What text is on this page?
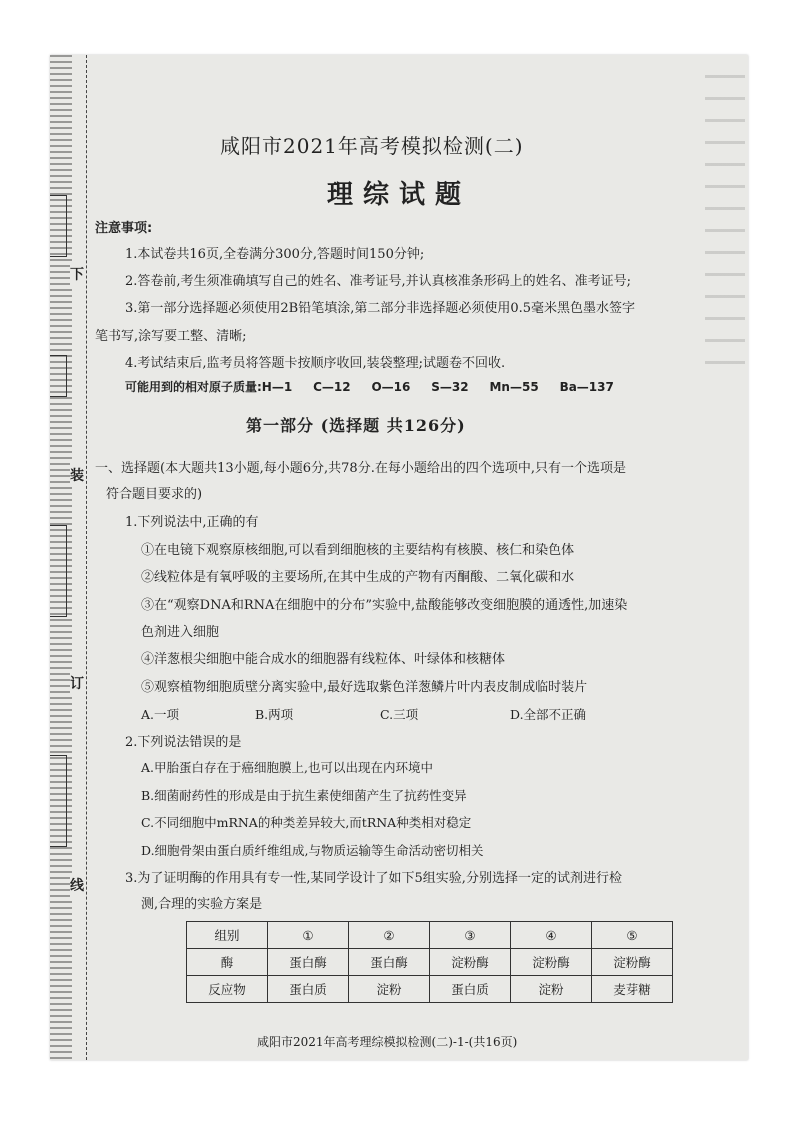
下
装
订
线
咸阳市2021年高考模拟检测(二)
理综试题
注意事项:
1.本试卷共16页,全卷满分300分,答题时间150分钟;
2.答卷前,考生须准确填写自己的姓名、准考证号,并认真核准条形码上的姓名、准考证号;
3.第一部分选择题必须使用2B铅笔填涂,第二部分非选择题必须使用0.5毫米黑色墨水签字
笔书写,涂写要工整、清晰;
4.考试结束后,监考员将答题卡按顺序收回,装袋整理;试题卷不回收.
可能用到的相对原子质量:H—1     C—12     O—16     S—32     Mn—55     Ba—137
第一部分 (选择题 共126分)
一、选择题(本大题共13小题,每小题6分,共78分.在每小题给出的四个选项中,只有一个选项是
符合题目要求的)
1.下列说法中,正确的有
①在电镜下观察原核细胞,可以看到细胞核的主要结构有核膜、核仁和染色体
②线粒体是有氧呼吸的主要场所,在其中生成的产物有丙酮酸、二氧化碳和水
③在“观察DNA和RNA在细胞中的分布”实验中,盐酸能够改变细胞膜的通透性,加速染
色剂进入细胞
④洋葱根尖细胞中能合成水的细胞器有线粒体、叶绿体和核糖体
⑤观察植物细胞质壁分离实验中,最好选取紫色洋葱鳞片叶内表皮制成临时装片
A.一项	B.两项	C.三项	D.全部不正确
2.下列说法错误的是
A.甲胎蛋白存在于癌细胞膜上,也可以出现在内环境中
B.细菌耐药性的形成是由于抗生素使细菌产生了抗药性变异
C.不同细胞中mRNA的种类差异较大,而tRNA种类相对稳定
D.细胞骨架由蛋白质纤维组成,与物质运输等生命活动密切相关
3.为了证明酶的作用具有专一性,某同学设计了如下5组实验,分别选择一定的试剂进行检
测,合理的实验方案是
组别	①	②	③	④	⑤
酶	蛋白酶	蛋白酶	淀粉酶	淀粉酶	淀粉酶
反应物	蛋白质	淀粉	蛋白质	淀粉	麦芽糖
咸阳市2021年高考理综模拟检测(二)-1-(共16页)
